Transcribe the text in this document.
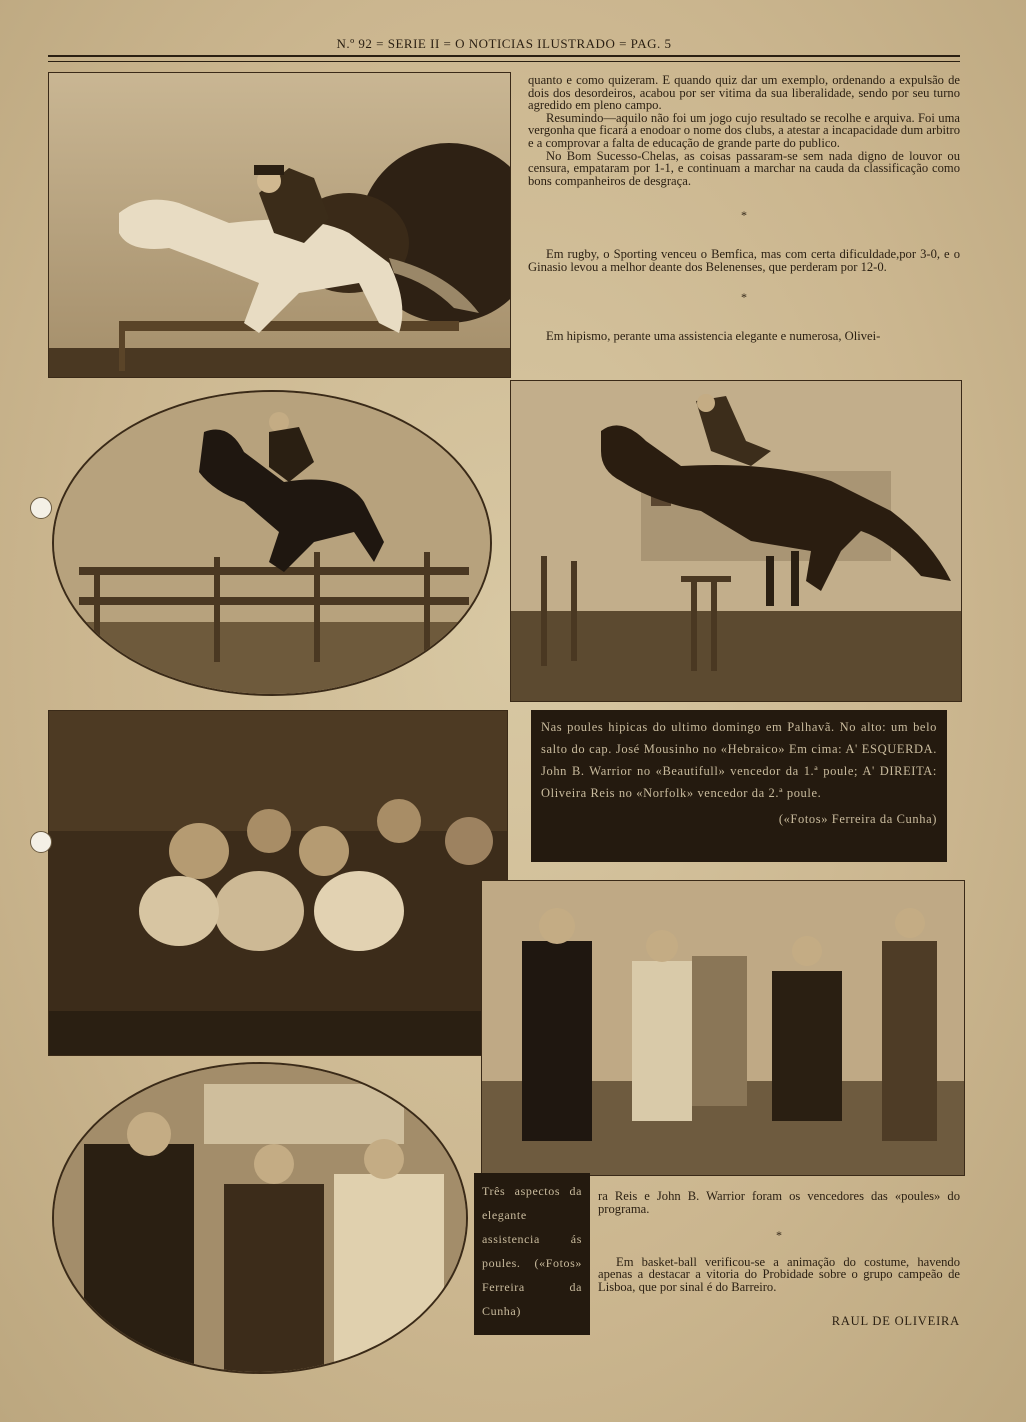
N.º 92 = SERIE II = O NOTICIAS ILUSTRADO = PAG. 5

quanto e como quizeram. E quando quiz dar um exemplo, ordenando a expulsão de dois dos desordeiros, acabou por ser vitima da sua liberalidade, sendo por seu turno agredido em pleno campo.

Resumindo—aquilo não foi um jogo cujo resultado se recolhe e arquiva. Foi uma vergonha que ficará a enodoar o nome dos clubs, a atestar a incapacidade dum arbitro e a comprovar a falta de educação de grande parte do publico.

No Bom Sucesso-Chelas, as coisas passaram-se sem nada digno de louvor ou censura, empataram por 1-1, e continuam a marchar na cauda da classificação como bons companheiros de desgraça.

*

Em rugby, o Sporting venceu o Bemfica, mas com certa dificuldade,por 3-0, e o Ginasio levou a melhor deante dos Belenenses, que perderam por 12-0.

*

Em hipismo, perante uma assistencia elegante e numerosa, Olivei-

Nas poules hipicas do ultimo domingo em Palhavã. No alto: um belo salto do cap. José Mousinho no «Hebraico» Em cima: A' ESQUERDA. John B. Warrior no «Beautifull» vencedor da 1.ª poule; A' DIREITA: Oliveira Reis no «Norfolk» vencedor da 2.ª poule.

(«Fotos» Ferreira da Cunha)

Três aspectos da elegante assistencia ás poules. («Fotos» Ferreira da Cunha)

ra Reis e John B. Warrior foram os vencedores das «poules» do programa.

*

Em basket-ball verificou-se a animação do costume, havendo apenas a destacar a vitoria do Probidade sobre o grupo campeão de Lisboa, que por sinal é do Barreiro.

RAUL DE OLIVEIRA
